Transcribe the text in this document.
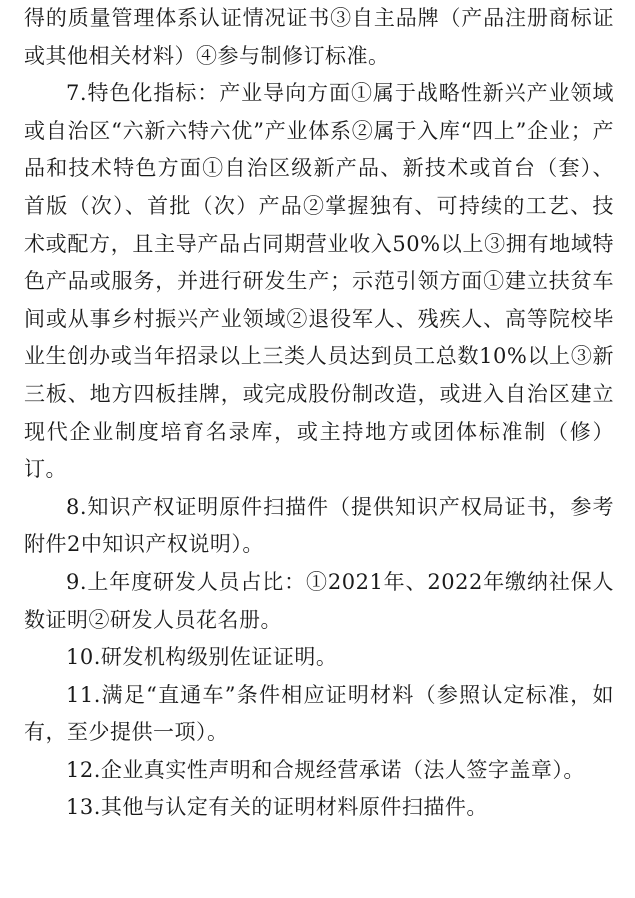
得的质量管理体系认证情况证书③自主品牌（产品注册商标证或其他相关材料）④参与制修订标准。

7.特色化指标：产业导向方面①属于战略性新兴产业领域或自治区“六新六特六优”产业体系②属于入库“四上”企业；产品和技术特色方面①自治区级新产品、新技术或首台（套）、首版（次）、首批（次）产品②掌握独有、可持续的工艺、技术或配方，且主导产品占同期营业收入50%以上③拥有地域特色产品或服务，并进行研发生产；示范引领方面①建立扶贫车间或从事乡村振兴产业领域②退役军人、残疾人、高等院校毕业生创办或当年招录以上三类人员达到员工总数10%以上③新三板、地方四板挂牌，或完成股份制改造，或进入自治区建立现代企业制度培育名录库，或主持地方或团体标准制（修）订。

8.知识产权证明原件扫描件（提供知识产权局证书，参考附件2中知识产权说明）。

9.上年度研发人员占比：①2021年、2022年缴纳社保人数证明②研发人员花名册。

10.研发机构级别佐证证明。

11.满足“直通车”条件相应证明材料（参照认定标准，如有，至少提供一项）。

12.企业真实性声明和合规经营承诺（法人签字盖章）。

13.其他与认定有关的证明材料原件扫描件。
